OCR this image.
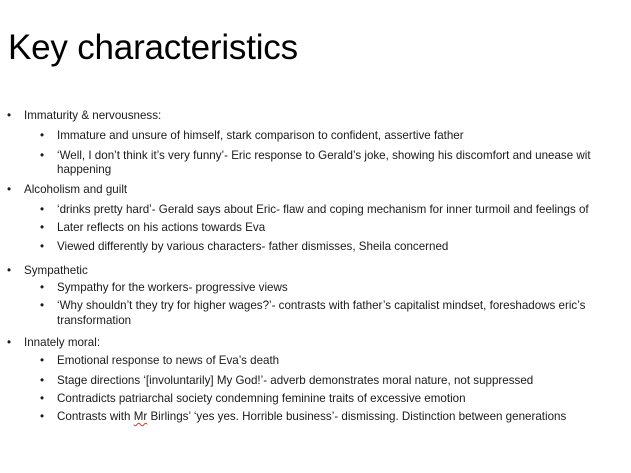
Key characteristics
• Immaturity & nervousness:
• Immature and unsure of himself, stark comparison to confident, assertive father
• ‘Well, I don’t think it’s very funny’- Eric response to Gerald’s joke, showing his discomfort and unease wit
happening
• Alcoholism and guilt
• ‘drinks pretty hard’- Gerald says about Eric- flaw and coping mechanism for inner turmoil and feelings of
• Later reflects on his actions towards Eva
• Viewed differently by various characters- father dismisses, Sheila concerned
• Sympathetic
• Sympathy for the workers- progressive views
• ‘Why shouldn’t they try for higher wages?’- contrasts with father’s capitalist mindset, foreshadows eric’s
transformation
• Innately moral:
• Emotional response to news of Eva’s death
• Stage directions ‘[involuntarily] My God!’- adverb demonstrates moral nature, not suppressed
• Contradicts patriarchal society condemning feminine traits of excessive emotion
• Contrasts with Mr Birlings’ ‘yes yes. Horrible business’- dismissing. Distinction between generations
